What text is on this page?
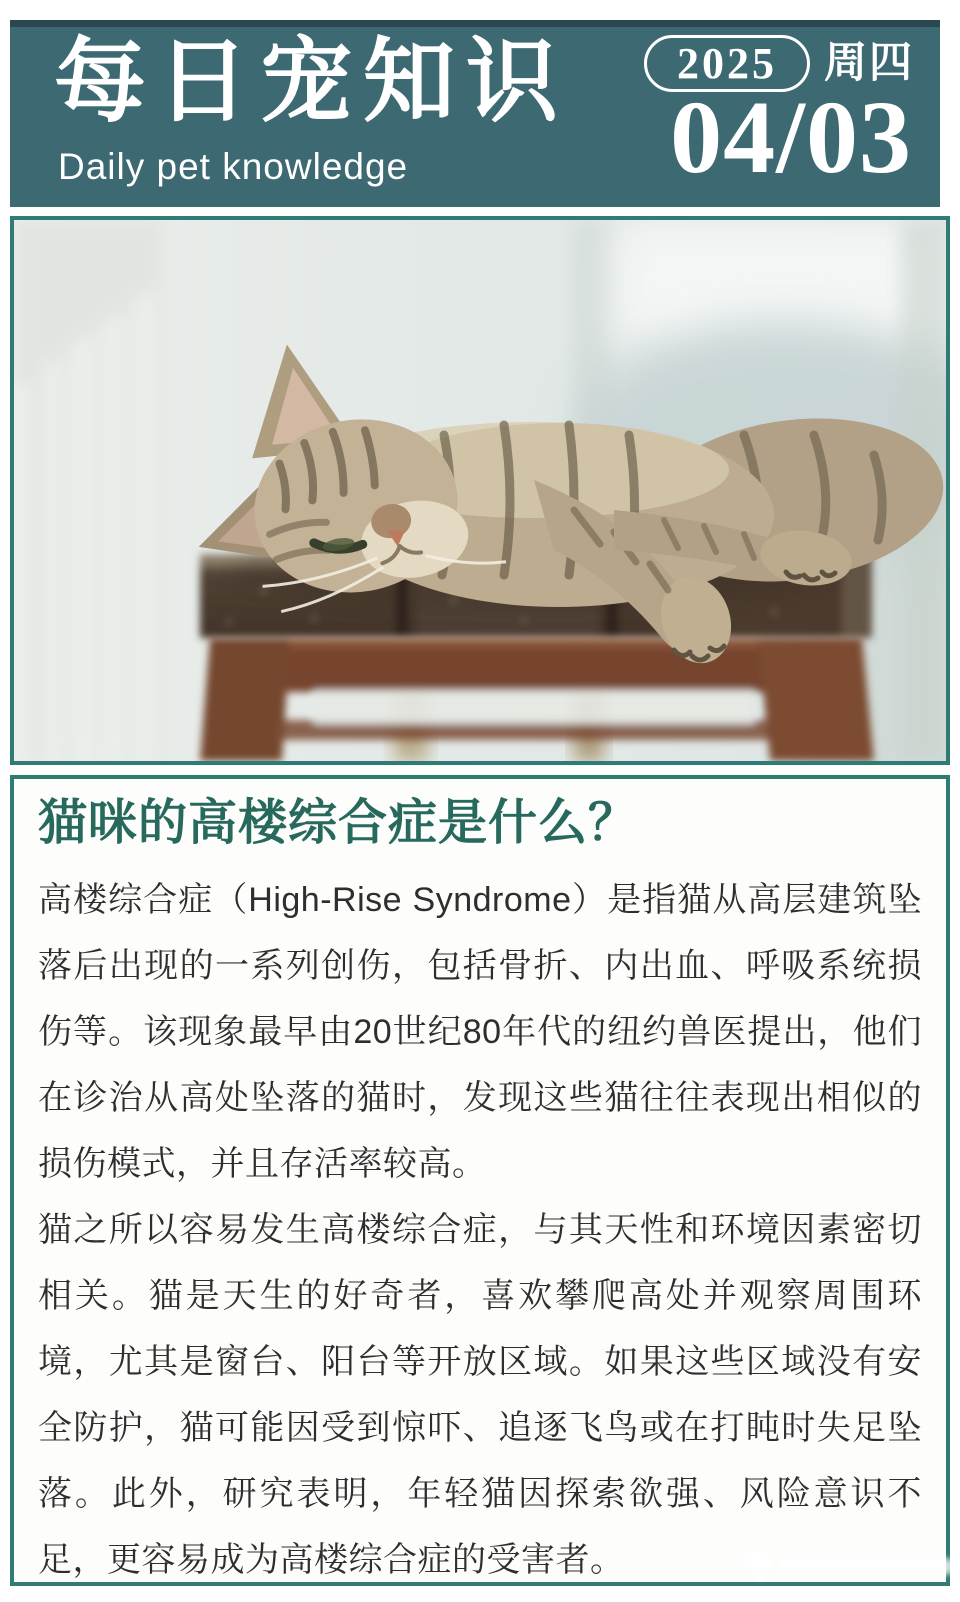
每日宠知识
Daily pet knowledge
2025	周四
04/03
猫咪的高楼综合症是什么？

高楼综合症（High-Rise Syndrome）是指猫从高层建筑坠落后出现的一系列创伤，包括骨折、内出血、呼吸系统损伤等。该现象最早由20世纪80年代的纽约兽医提出，他们在诊治从高处坠落的猫时，发现这些猫往往表现出相似的损伤模式，并且存活率较高。

猫之所以容易发生高楼综合症，与其天性和环境因素密切相关。猫是天生的好奇者，喜欢攀爬高处并观察周围环境，尤其是窗台、阳台等开放区域。如果这些区域没有安全防护，猫可能因受到惊吓、追逐飞鸟或在打盹时失足坠落。此外，研究表明，年轻猫因探索欲强、风险意识不足，更容易成为高楼综合症的受害者。
